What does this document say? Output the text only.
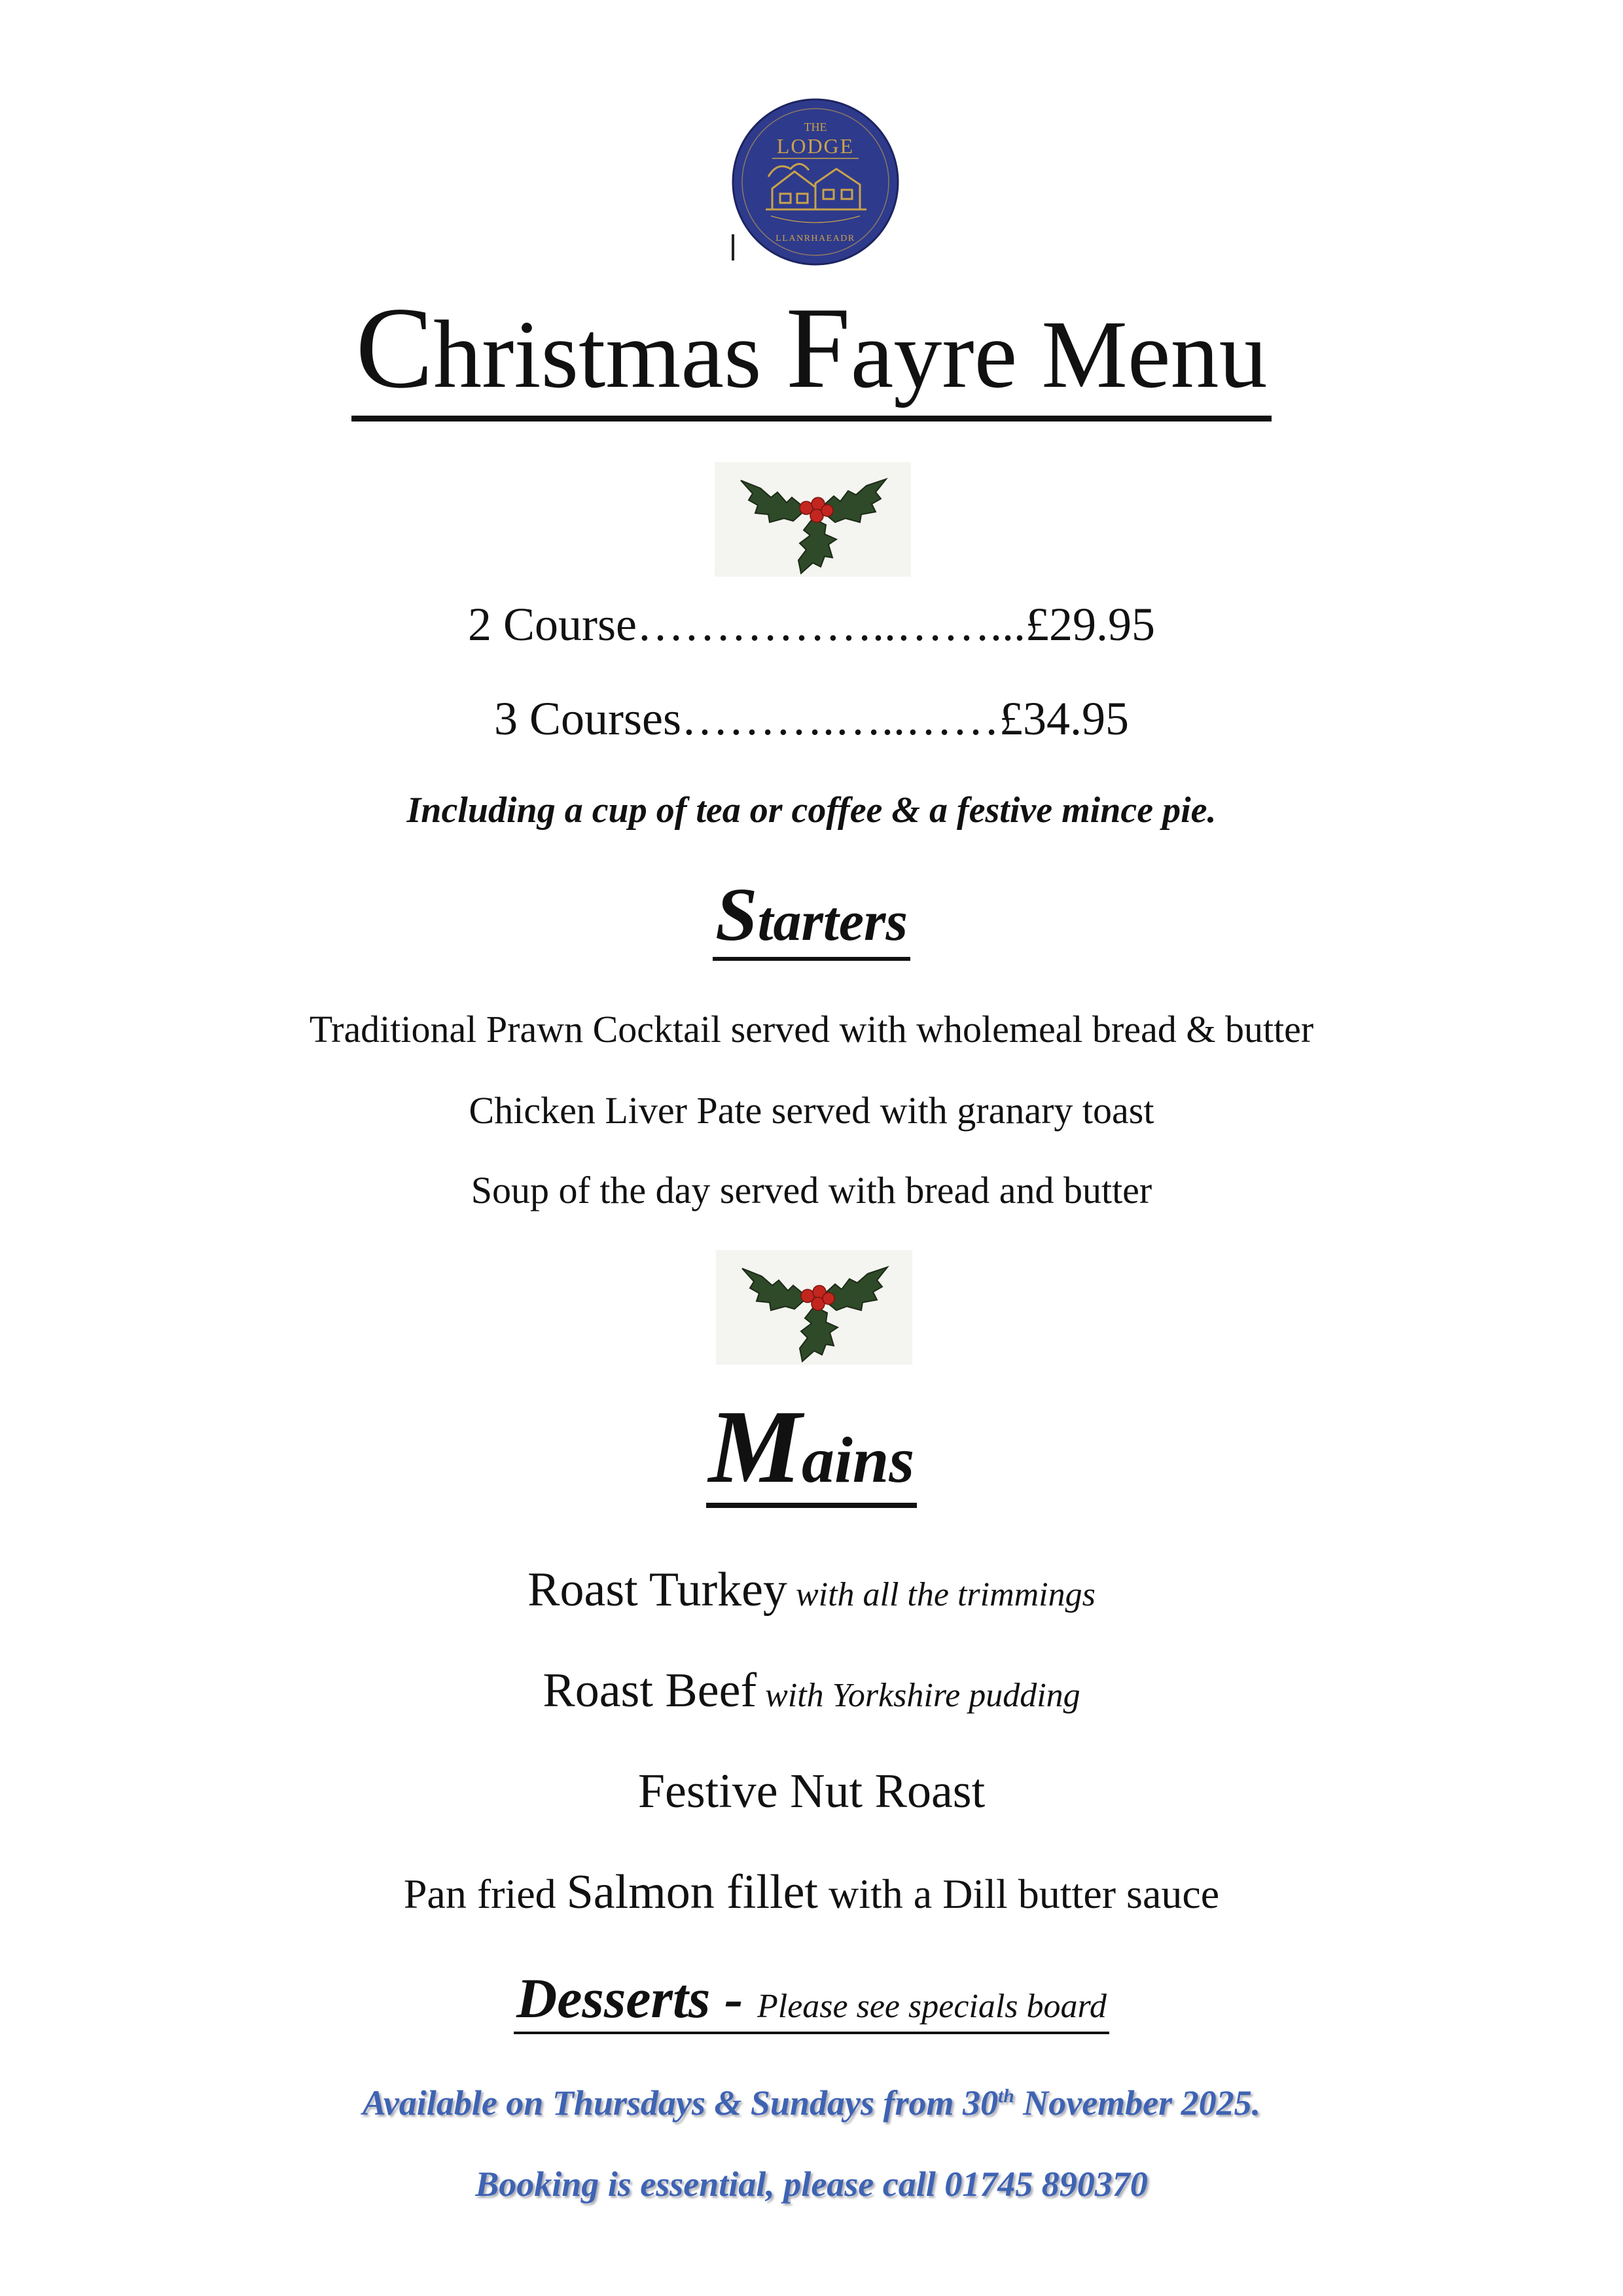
THE
LODGE
LLANRHAEADR
Christmas Fayre Menu
2 Course……………..……...£29.95
3 Courses……….…..……£34.95
Including a cup of tea or coffee & a festive mince pie.
Starters
Traditional Prawn Cocktail served with wholemeal bread & butter
Chicken Liver Pate served with granary toast
Soup of the day served with bread and butter
Mains
Roast Turkey with all the trimmings
Roast Beef with Yorkshire pudding
Festive Nut Roast
Pan fried Salmon fillet with a Dill butter sauce
Desserts - Please see specials board
Available on Thursdays & Sundays from 30th November 2025.
Booking is essential, please call 01745 890370
